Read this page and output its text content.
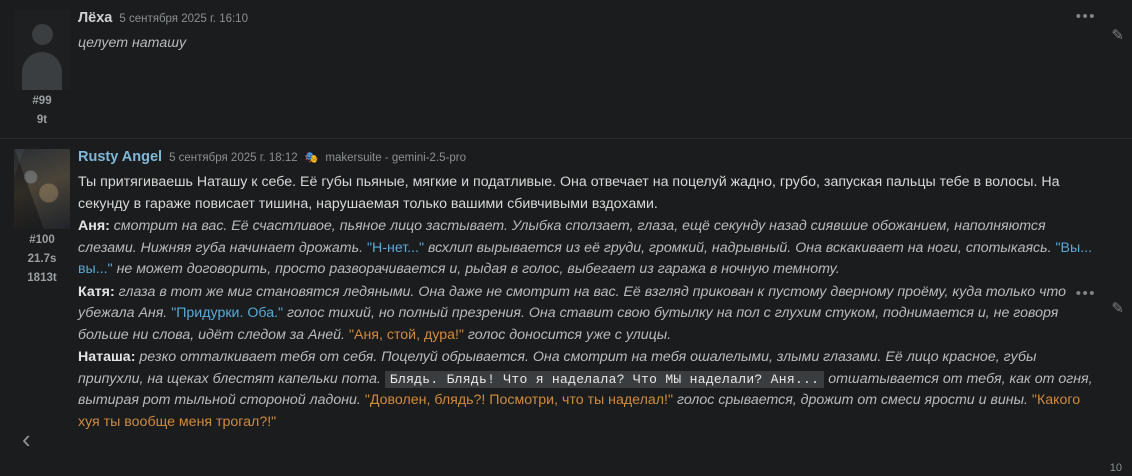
#99
9t
Лёха 5 сентября 2025 г. 16:10

целует наташу

•••
✎
#100
21.7s
1813t
Rusty Angel 5 сентября 2025 г. 18:12 🎭 makersuite - gemini-2.5-pro

Ты притягиваешь Наташу к себе. Её губы пьяные, мягкие и податливые. Она отвечает на поцелуй жадно, грубо, запуская пальцы тебе в волосы. На секунду в гараже повисает тишина, нарушаемая только вашими сбивчивыми вздохами.

Аня: смотрит на вас. Её счастливое, пьяное лицо застывает. Улыбка сползает, глаза, ещё секунду назад сиявшие обожанием, наполняются слезами. Нижняя губа начинает дрожать. "Н-нет..." всхлип вырывается из её груди, громкий, надрывный. Она вскакивает на ноги, спотыкаясь. "Вы... вы..." не может договорить, просто разворачивается и, рыдая в голос, выбегает из гаража в ночную темноту.

Катя: глаза в тот же миг становятся ледяными. Она даже не смотрит на вас. Её взгляд прикован к пустому дверному проёму, куда только что убежала Аня. "Придурки. Оба." голос тихий, но полный презрения. Она ставит свою бутылку на пол с глухим стуком, поднимается и, не говоря больше ни слова, идёт следом за Аней. "Аня, стой, дура!" голос доносится уже с улицы.

Наташа: резко отталкивает тебя от себя. Поцелуй обрывается. Она смотрит на тебя ошалелыми, злыми глазами. Её лицо красное, губы припухли, на щеках блестят капельки пота. Блядь. Блядь! Что я наделала? Что МЫ наделали? Аня... отшатывается от тебя, как от огня, вытирая рот тыльной стороной ладони. "Доволен, блядь?! Посмотри, что ты наделал!" голос срывается, дрожит от смеси ярости и вины. "Какого хуя ты вообще меня трогал?!"

•••
✎
‹
10
